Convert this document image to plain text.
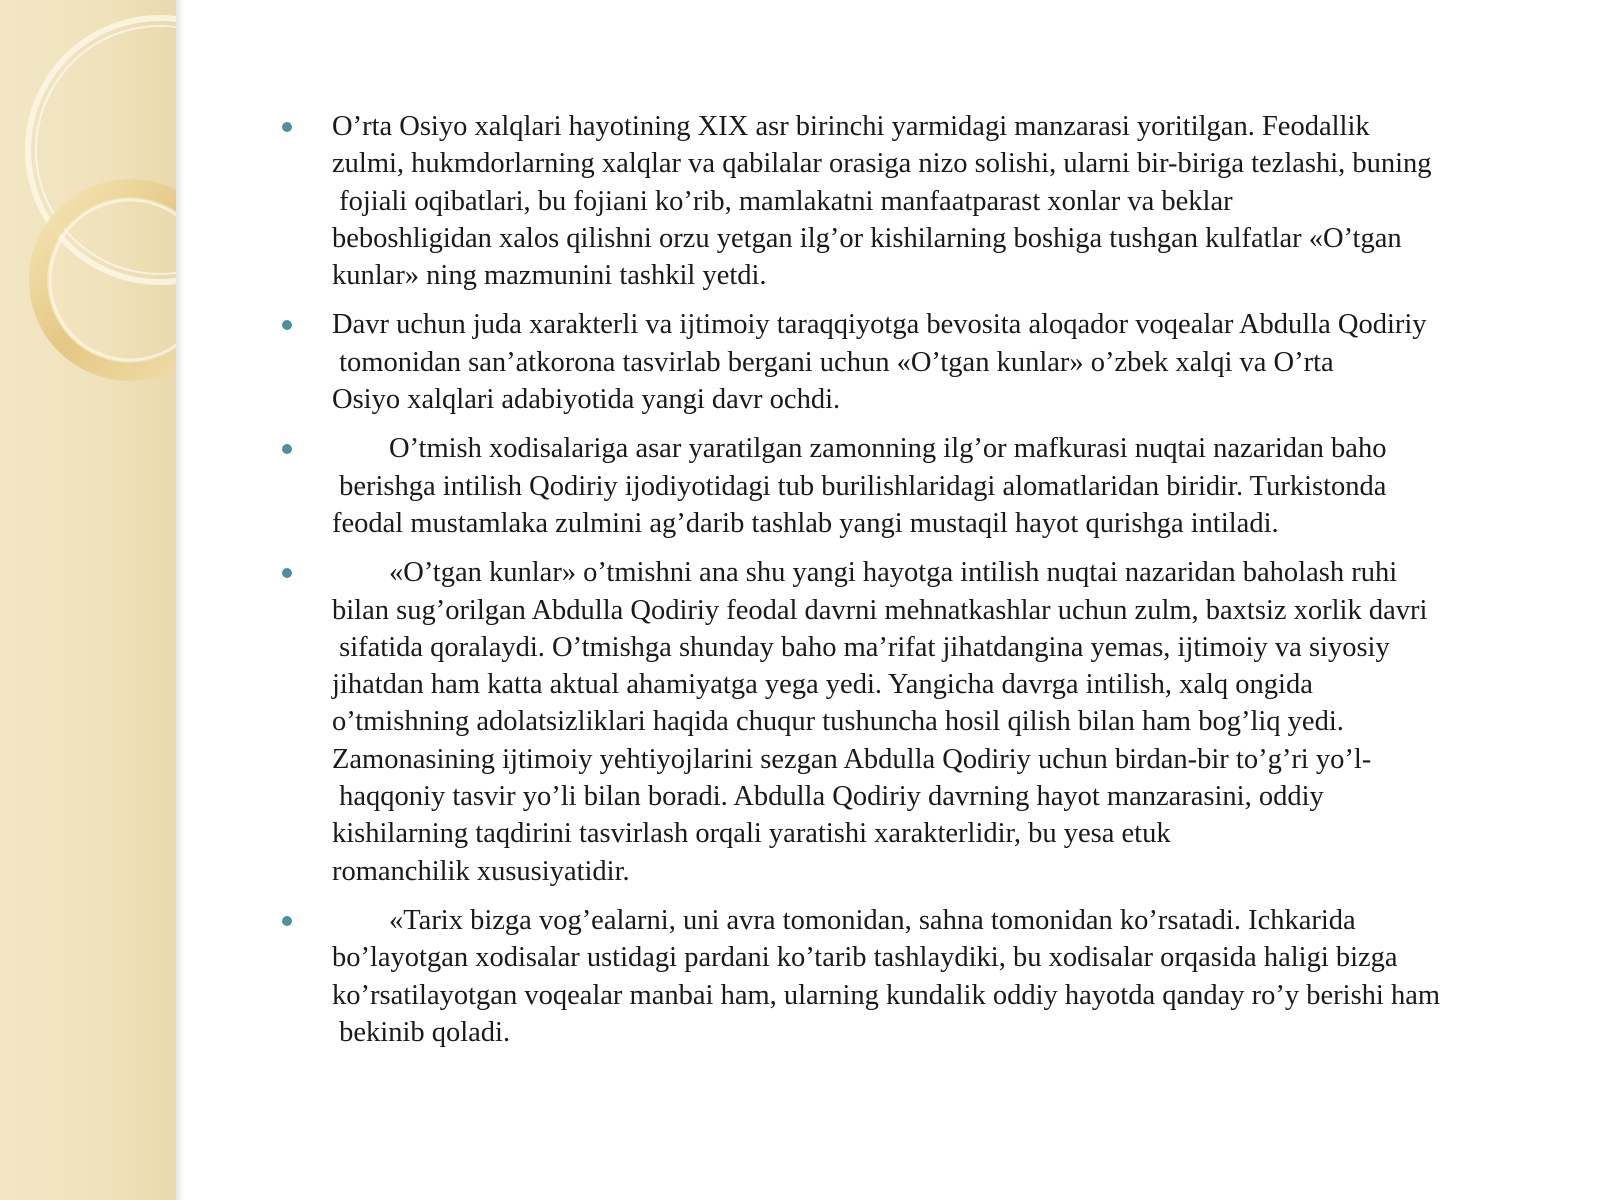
O’rta Osiyo xalqlari hayotining XIX asr birinchi yarmidagi manzarasi yoritilgan. Feodallik
zulmi, hukmdorlarning xalqlar va qabilalar orasiga nizo solishi, ularni bir-biriga tezlashi, buning
fojiali oqibatlari, bu fojiani ko’rib, mamlakatni manfaatparast xonlar va beklar
beboshligidan xalos qilishni orzu yetgan ilg’or kishilarning boshiga tushgan kulfatlar «O’tgan
kunlar» ning mazmunini tashkil yetdi.
Davr uchun juda xarakterli va ijtimoiy taraqqiyotga bevosita aloqador voqealar Abdulla Qodiriy
tomonidan san’atkorona tasvirlab bergani uchun «O’tgan kunlar» o’zbek xalqi va O’rta
Osiyo xalqlari adabiyotida yangi davr ochdi.
O’tmish xodisalariga asar yaratilgan zamonning ilg’or mafkurasi nuqtai nazaridan baho
berishga intilish Qodiriy ijodiyotidagi tub burilishlaridagi alomatlaridan biridir. Turkistonda
feodal mustamlaka zulmini ag’darib tashlab yangi mustaqil hayot qurishga intiladi.
«O’tgan kunlar» o’tmishni ana shu yangi hayotga intilish nuqtai nazaridan baholash ruhi
bilan sug’orilgan Abdulla Qodiriy feodal davrni mehnatkashlar uchun zulm, baxtsiz xorlik davri
sifatida qoralaydi. O’tmishga shunday baho ma’rifat jihatdangina yemas, ijtimoiy va siyosiy
jihatdan ham katta aktual ahamiyatga yega yedi. Yangicha davrga intilish, xalq ongida
o’tmishning adolatsizliklari haqida chuqur tushuncha hosil qilish bilan ham bog’liq yedi.
Zamonasining ijtimoiy yehtiyojlarini sezgan Abdulla Qodiriy uchun birdan-bir to’g’ri yo’l-
haqqoniy tasvir yo’li bilan boradi. Abdulla Qodiriy davrning hayot manzarasini, oddiy
kishilarning taqdirini tasvirlash orqali yaratishi xarakterlidir, bu yesa etuk
romanchilik xususiyatidir.
«Tarix bizga vog’ealarni, uni avra tomonidan, sahna tomonidan ko’rsatadi. Ichkarida
bo’layotgan xodisalar ustidagi pardani ko’tarib tashlaydiki, bu xodisalar orqasida haligi bizga
ko’rsatilayotgan voqealar manbai ham, ularning kundalik oddiy hayotda qanday ro’y berishi ham
bekinib qoladi.
